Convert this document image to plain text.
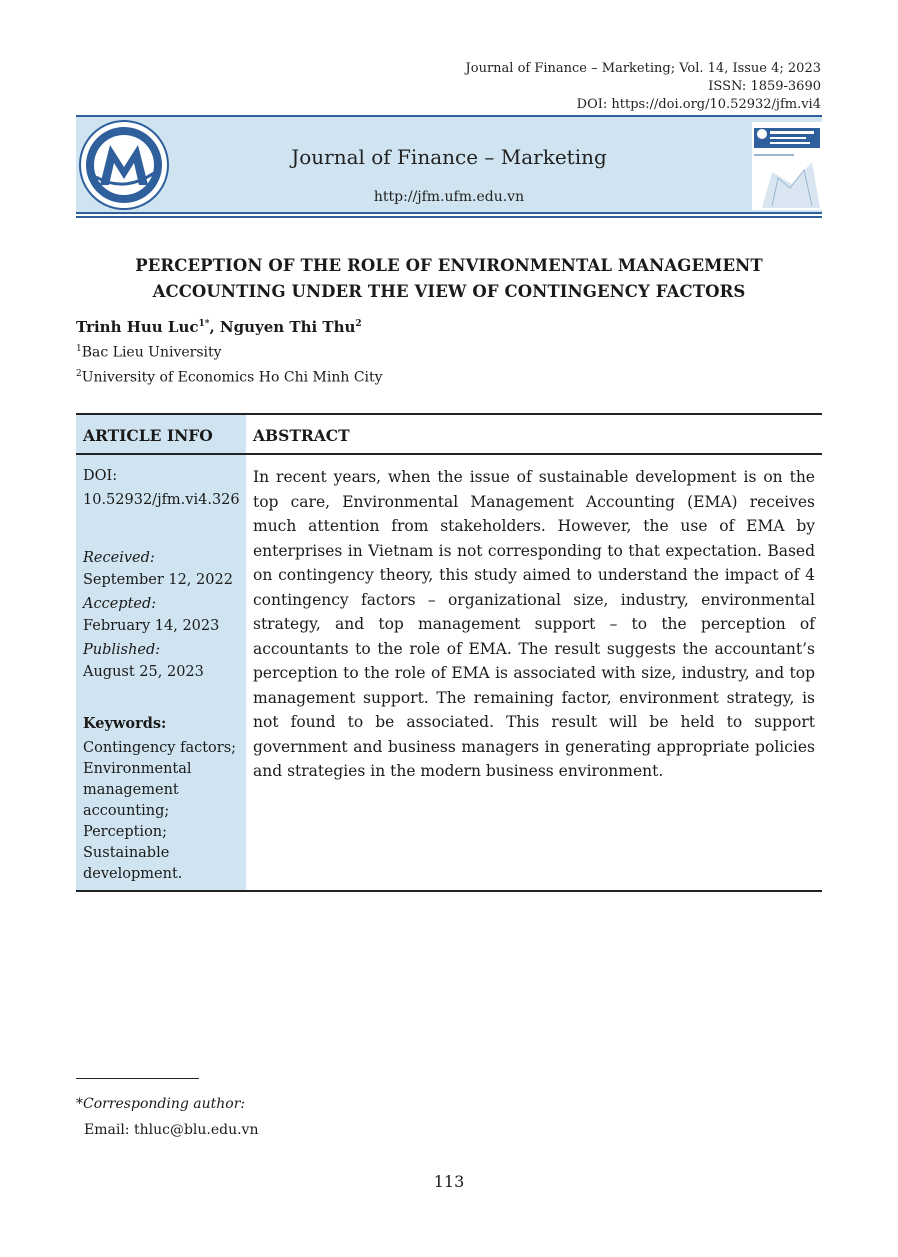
Journal of Finance – Marketing; Vol. 14, Issue 4; 2023
ISSN: 1859-3690
DOI: https://doi.org/10.52932/jfm.vi4
Journal of Finance – Marketing
http://jfm.ufm.edu.vn
PERCEPTION OF THE ROLE OF ENVIRONMENTAL MANAGEMENT
ACCOUNTING UNDER THE VIEW OF CONTINGENCY FACTORS
Trinh Huu Luc$^{1*}$, Nguyen Thi Thu$^2$
$^1$Bac Lieu University
$^2$University of Economics Ho Chi Minh City
ARTICLE INFO	ABSTRACT
DOI:
10.52932/jfm.vi4.326
Received:
September 12, 2022
Accepted:
February 14, 2023
Published:
August 25, 2023
Keywords:
Contingency factors;
Environmental
management
accounting;
Perception;
Sustainable
development.
In recent years, when the issue of sustainable development is on the top care, Environmental Management Accounting (EMA) receives much attention from stakeholders. However, the use of EMA by enterprises in Vietnam is not corresponding to that expectation. Based on contingency theory, this study aimed to understand the impact of 4 contingency factors – organizational size, industry, environmental strategy, and top management support – to the perception of accountants to the role of EMA. The result suggests the accountant’s perception to the role of EMA is associated with size, industry, and top management support. The remaining factor, environment strategy, is not found to be associated. This result will be held to support government and business managers in generating appropriate policies and strategies in the modern business environment.
*Corresponding author:
Email: thluc@blu.edu.vn
113
